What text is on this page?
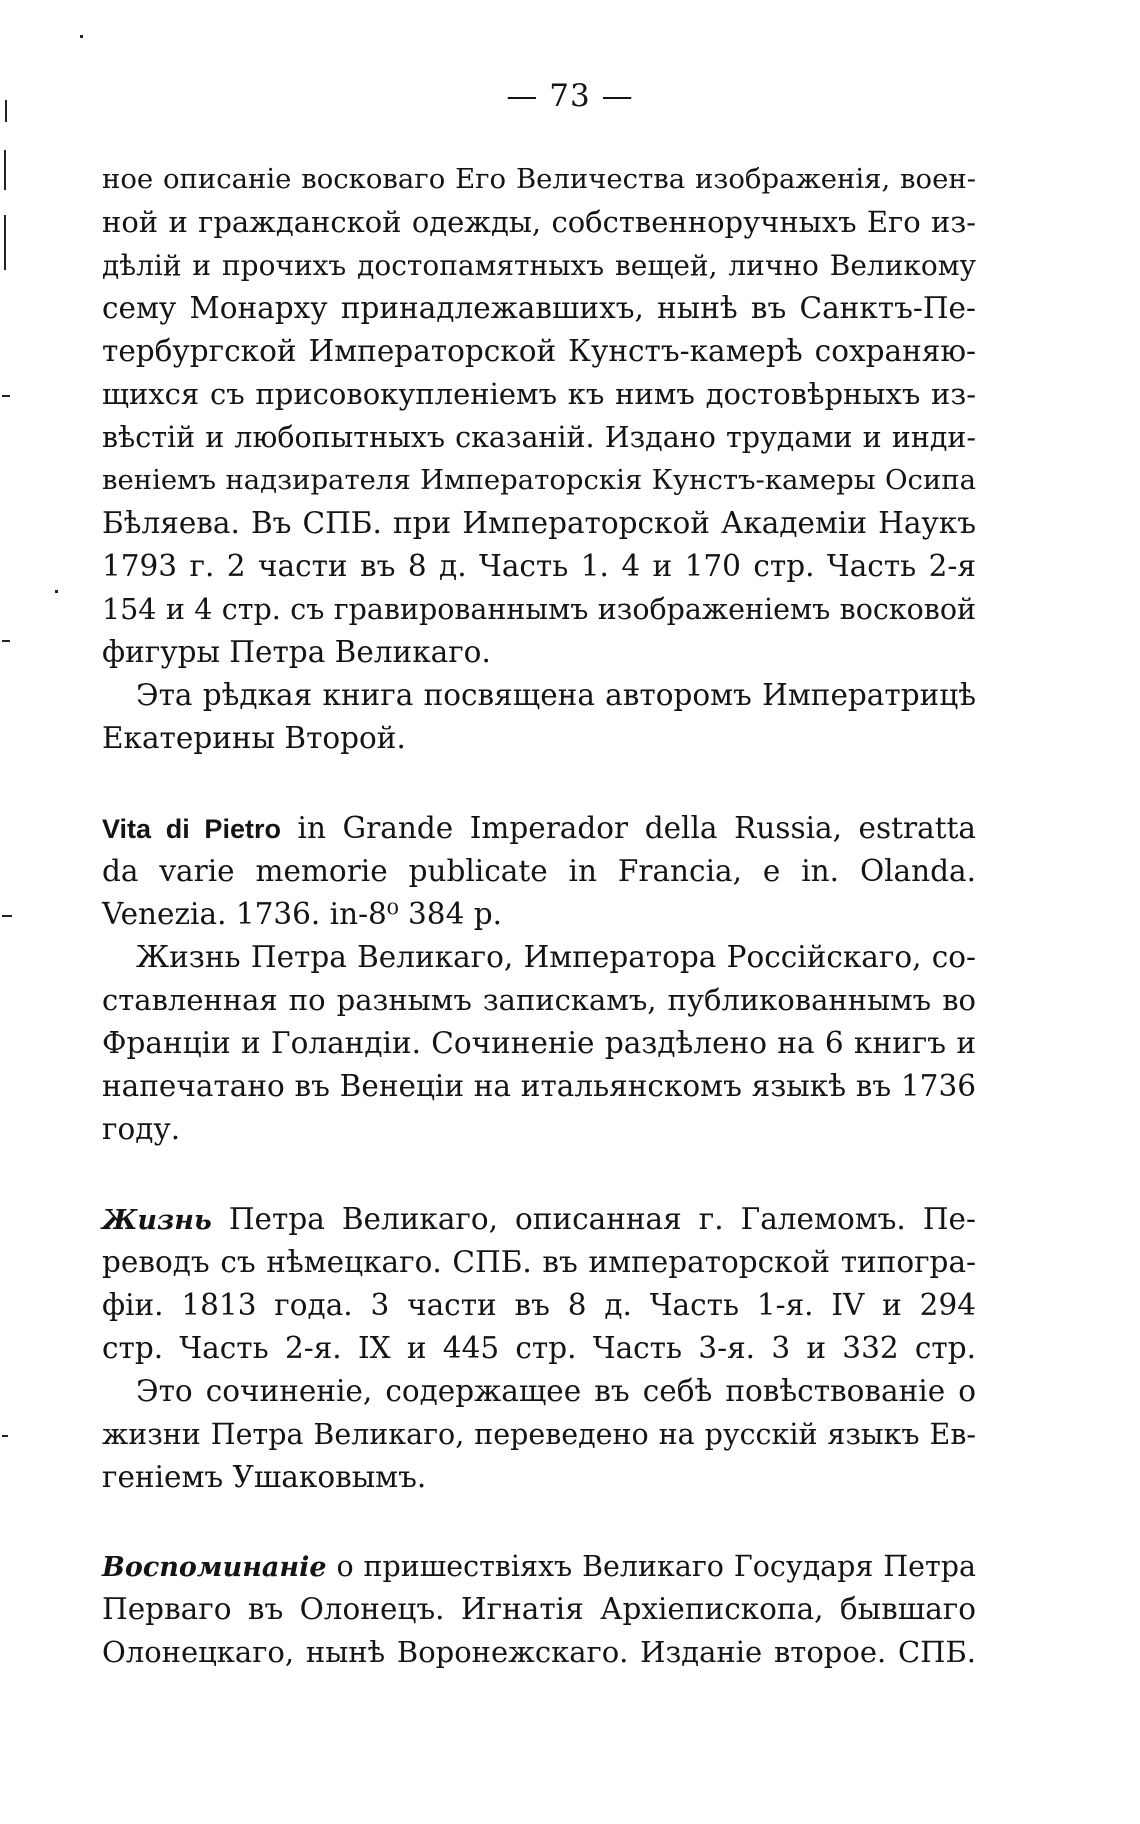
— 73 —
ное описаніе восковаго Его Величества изображенія, воен-
ной и гражданской одежды, собственноручныхъ Его из-
дѣлій и прочихъ достопамятныхъ вещей, лично Великому
сему Монарху принадлежавшихъ, нынѣ въ Санктъ-Пе-
тербургской Императорской Кунстъ-камерѣ сохраняю-
щихся съ присовокупленіемъ къ нимъ достовѣрныхъ из-
вѣстій и любопытныхъ сказаній. Издано трудами и инди-
веніемъ надзирателя Императорскія Кунстъ-камеры Осипа
Бѣляева. Въ СПБ. при Императорской Академіи Наукъ
1793 г. 2 части въ 8 д. Часть 1. 4 и 170 стр. Часть 2-я
154 и 4 стр. съ гравированнымъ изображеніемъ восковой
фигуры Петра Великаго.
Эта рѣдкая книга посвящена авторомъ Императрицѣ
Екатерины Второй.
Vita di Pietro in Grande Imperador della Russia, estratta
da varie memorie publicate in Francia, e in. Olanda.
Venezia. 1736. in-8⁰ 384 p.
Жизнь Петра Великаго, Императора Россійскаго, со-
ставленная по разнымъ запискамъ, публикованнымъ во
Франціи и Голандіи. Сочиненіе раздѣлено на 6 книгъ и
напечатано въ Венеціи на итальянскомъ языкѣ въ 1736
году.
Жизнь Петра Великаго, описанная г. Галемомъ. Пе-
реводъ съ нѣмецкаго. СПБ. въ императорской типогра-
фіи. 1813 года. 3 части въ 8 д. Часть 1-я. IV и 294
стр. Часть 2-я. IX и 445 стр. Часть 3-я. 3 и 332 стр.
Это сочиненіе, содержащее въ себѣ повѣствованіе о
жизни Петра Великаго, переведено на русскій языкъ Ев-
геніемъ Ушаковымъ.
Воспоминаніе о пришествіяхъ Великаго Государя Петра
Перваго въ Олонецъ. Игнатія Архіепископа, бывшаго
Олонецкаго, нынѣ Воронежскаго. Изданіе второе. СПБ.
